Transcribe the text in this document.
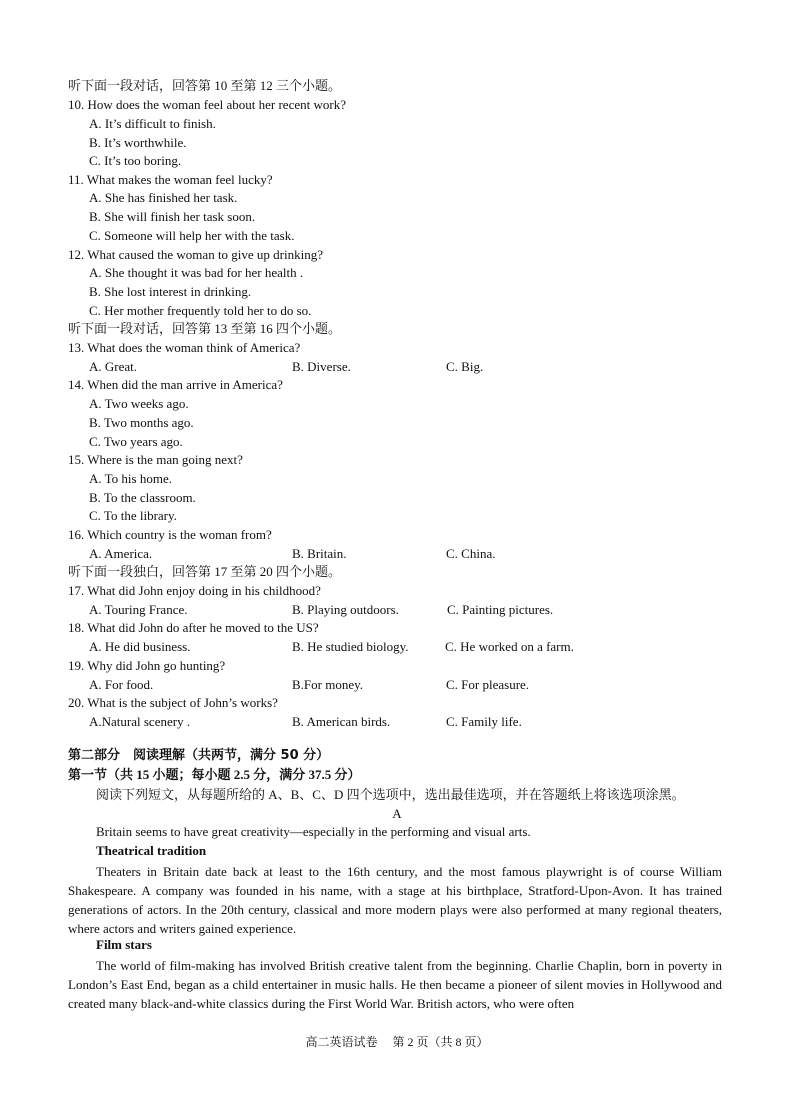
听下面一段对话，回答第 10 至第 12 三个小题。
10. How does the woman feel about her recent work?
A. It’s difficult to finish.
B. It’s worthwhile.
C. It’s too boring.
11. What makes the woman feel lucky?
A. She has finished her task.
B. She will finish her task soon.
C. Someone will help her with the task.
12. What caused the woman to give up drinking?
A. She thought it was bad for her health .
B. She lost interest in drinking.
C. Her mother frequently told her to do so.
听下面一段对话，回答第 13 至第 16 四个小题。
13. What does the woman think of America?
A. Great.	B. Diverse.	C. Big.
14. When did the man arrive in America?
A. Two weeks ago.
B. Two months ago.
C. Two years ago.
15. Where is the man going next?
A. To his home.
B. To the classroom.
C. To the library.
16. Which country is the woman from?
A. America.	B. Britain.	C. China.
听下面一段独白，回答第 17 至第 20 四个小题。
17. What did John enjoy doing in his childhood?
A. Touring France.	B. Playing outdoors.	C. Painting pictures.
18. What did John do after he moved to the US?
A. He did business.	B. He studied biology.	C. He worked on a farm.
19. Why did John go hunting?
A. For food.	B.For money.	C. For pleasure.
20. What is the subject of John’s works?
A.Natural scenery .	B. American birds.	C. Family life.
第二部分　阅读理解（共两节，满分 50 分）
第一节（共 15 小题；每小题 2.5 分，满分 37.5 分）
阅读下列短文，从每题所给的 A、B、C、D 四个选项中，选出最佳选项，并在答题纸上将该选项涂黑。
A
Britain seems to have great creativity—especially in the performing and visual arts.
Theatrical tradition

Theaters in Britain date back at least to the 16th century, and the most famous playwright is of course William Shakespeare. A company was founded in his name, with a stage at his birthplace, Stratford-Upon-Avon. It has trained generations of actors. In the 20th century, classical and more modern plays were also performed at many regional theaters, where actors and writers gained experience.

Film stars

The world of film-making has involved British creative talent from the beginning. Charlie Chaplin, born in poverty in London’s East End, began as a child entertainer in music halls. He then became a pioneer of silent movies in Hollywood and created many black-and-white classics during the First World War. British actors, who were often

高二英语试卷　 第 2 页（共 8 页）
